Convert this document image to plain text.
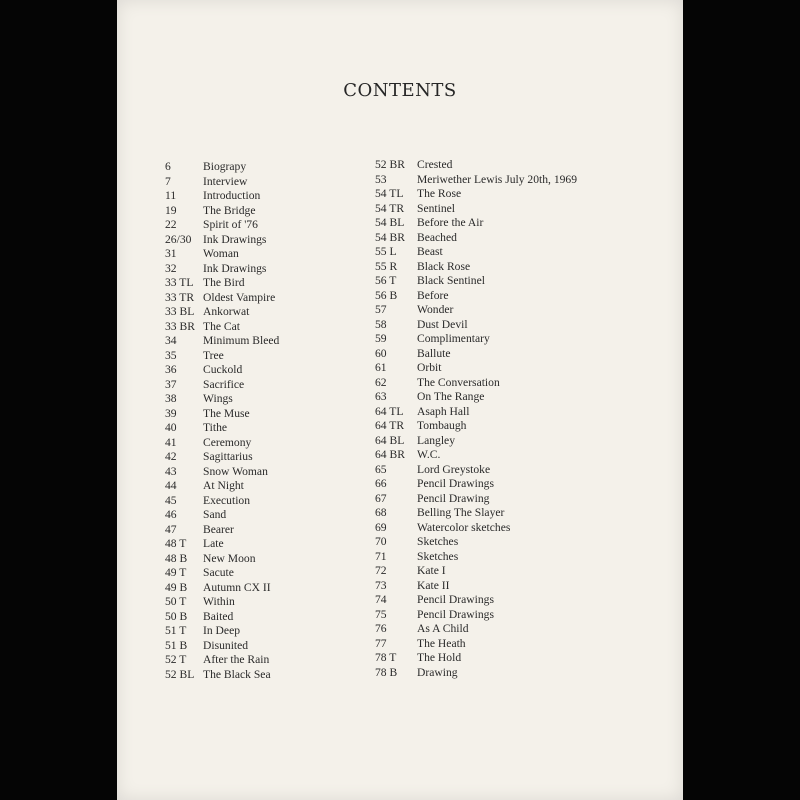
CONTENTS
6	Biograpy
7	Interview
11 Introduction
19 The Bridge
22 Spirit of '76
26/30 Ink Drawings
31 Woman
32 Ink Drawings
33 TL The Bird
33 TR Oldest Vampire
33 BL Ankorwat
33 BR The Cat
34 Minimum Bleed
35 Tree
36 Cuckold
37 Sacrifice
38 Wings
39 The Muse
40 Tithe
41 Ceremony
42 Sagittarius
43 Snow Woman
44 At Night
45 Execution
46 Sand
47 Bearer
48 T Late
48 B New Moon
49 T Sacute
49 B Autumn CX II
50 T Within
50 B Baited
51 T In Deep
51 B Disunited
52 T After the Rain
52 BL The Black Sea
52 BR Crested
53	Meriwether Lewis July 20th, 1969
54 TL The Rose
54 TR Sentinel
54 BL Before the Air
54 BR Beached
55 L Beast
55 R Black Rose
56 T Black Sentinel
56 B Before
57	Wonder
58	Dust Devil
59	Complimentary
60	Ballute
61	Orbit
62	The Conversation
63	On The Range
64 TL Asaph Hall
64 TR Tombaugh
64 BL Langley
64 BR W.C.
65	Lord Greystoke
66	Pencil Drawings
67	Pencil Drawing
68	Belling The Slayer
69	Watercolor sketches
70	Sketches
71	Sketches
72	Kate I
73	Kate II
74	Pencil Drawings
75	Pencil Drawings
76	As A Child
77	The Heath
78 T The Hold
78 B Drawing
